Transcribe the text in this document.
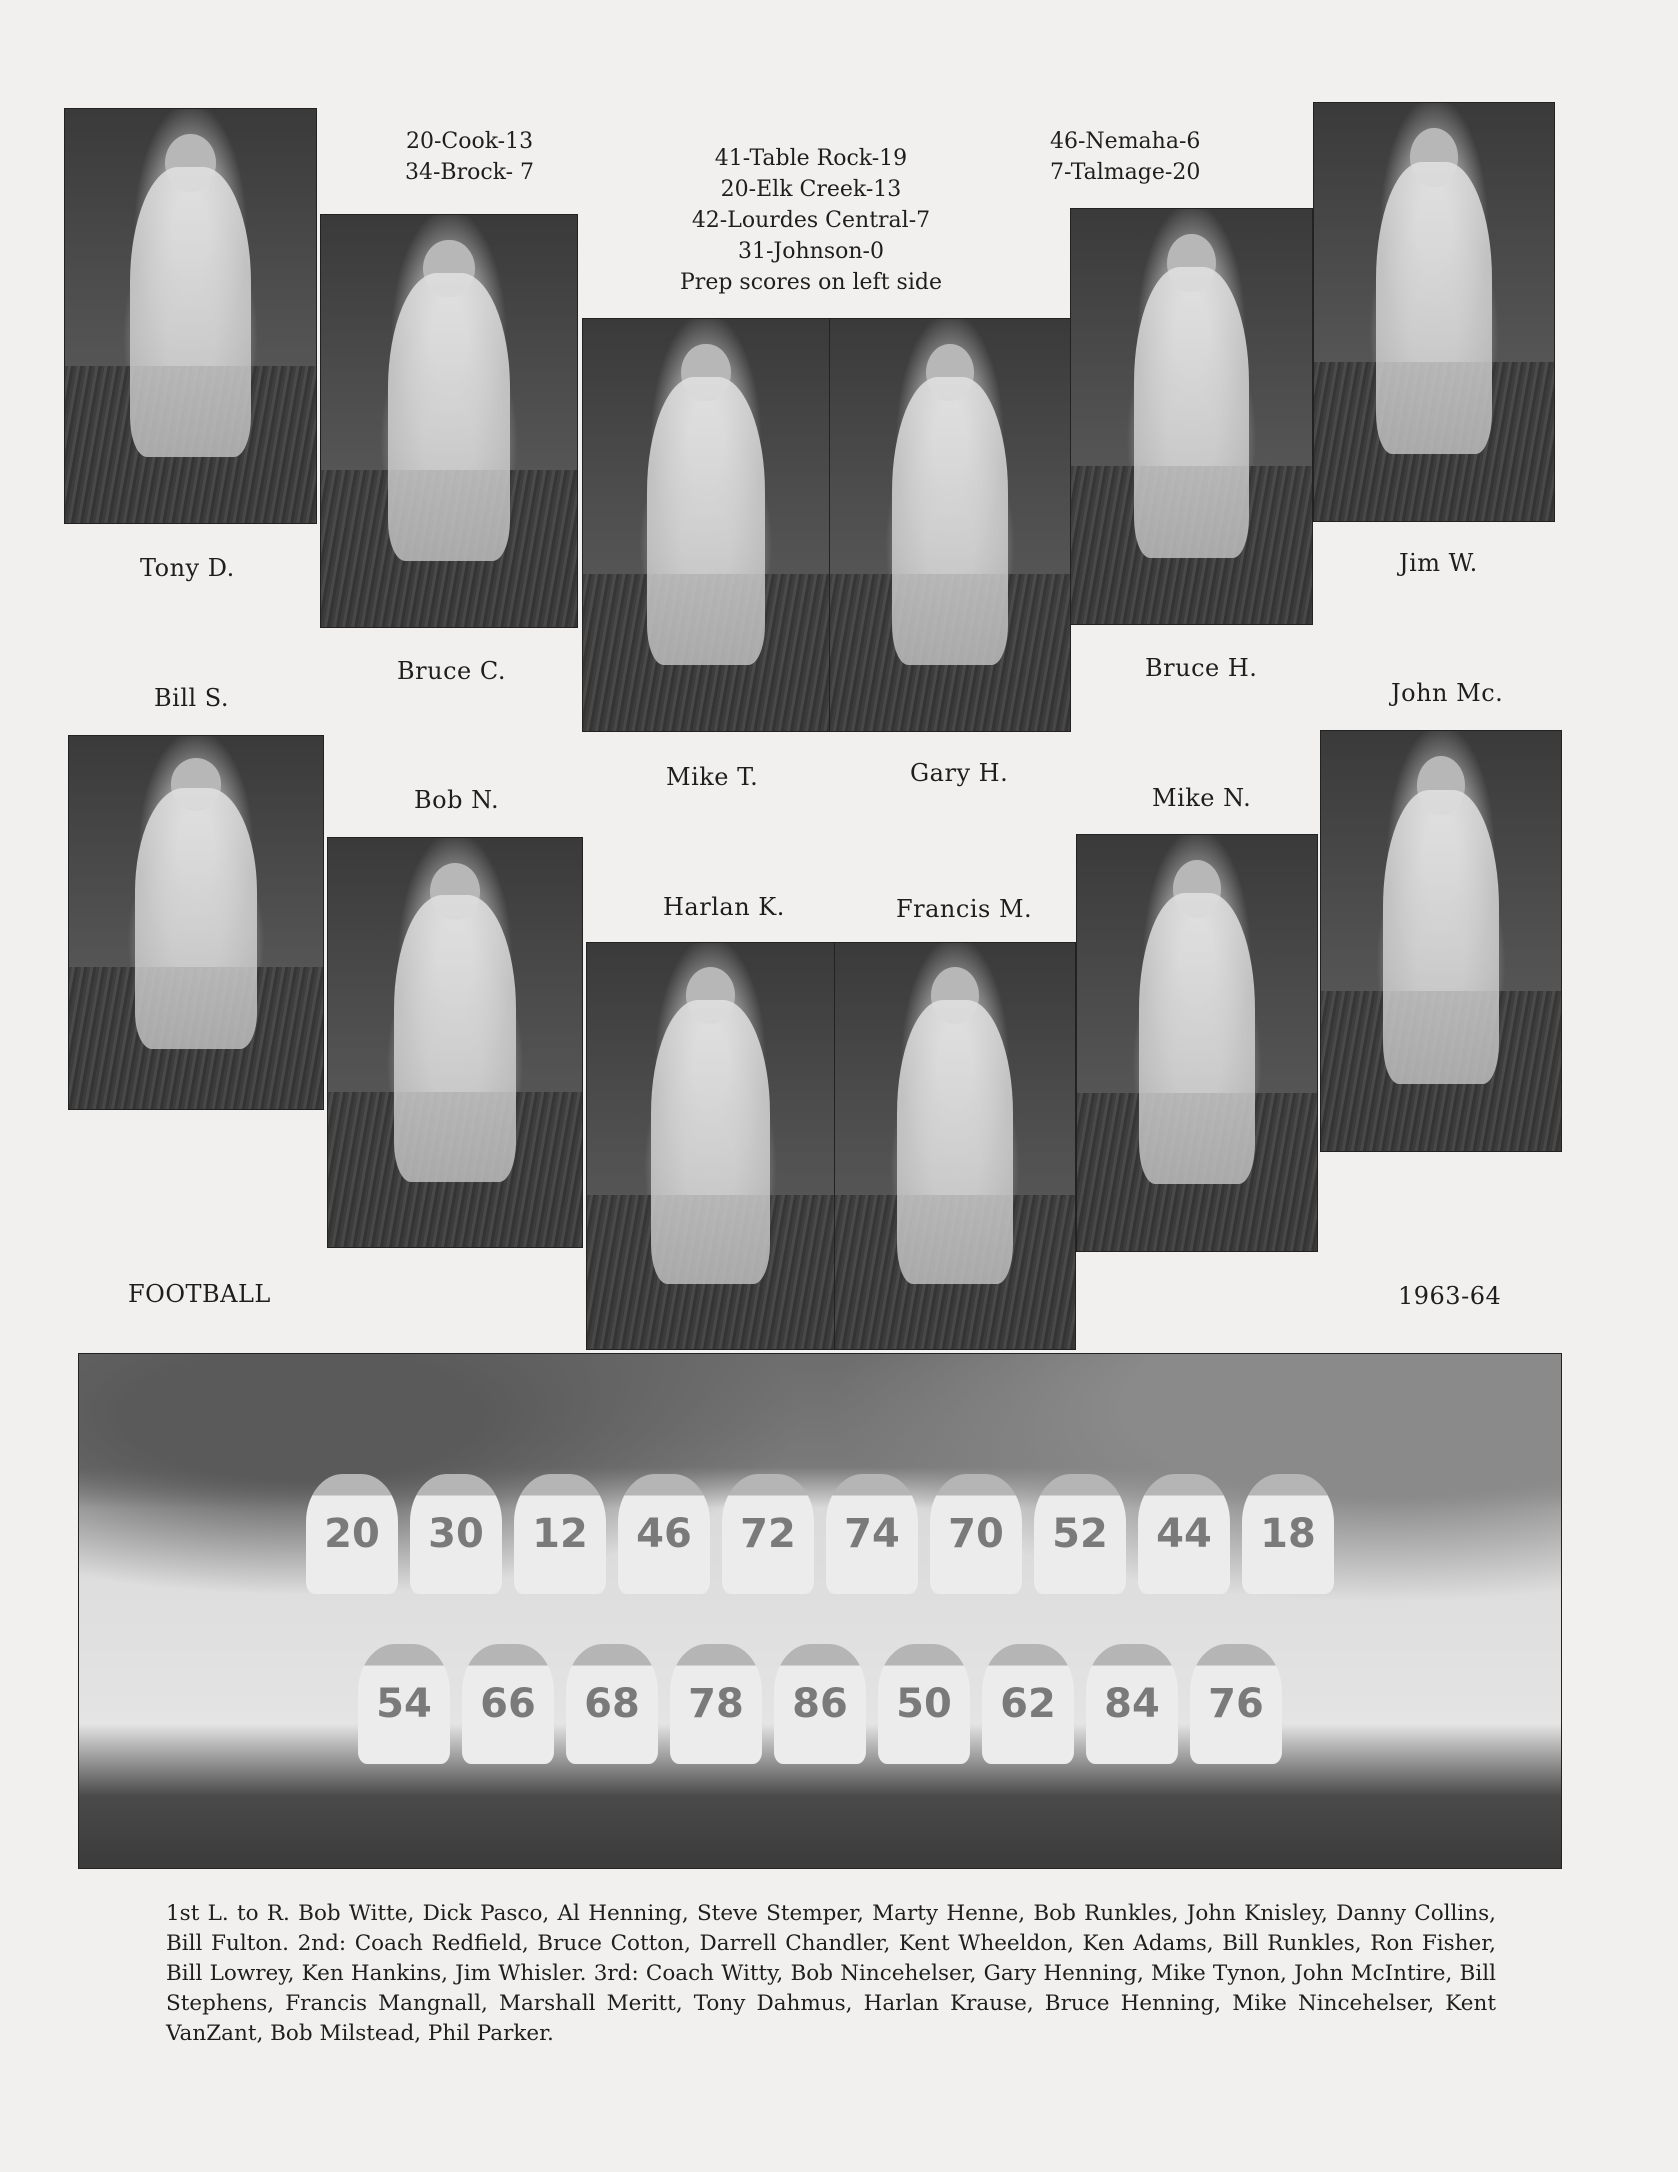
20-Cook-13
34-Brock- 7
41-Table Rock-19
20-Elk Creek-13
42-Lourdes Central-7
31-Johnson-0
Prep scores on left side
46-Nemaha-6
7-Talmage-20
Tony D.
Bruce C.	Bruce H.
Jim W.
Bill S.	John Mc.
Mike T.	Gary H.
Bob N.	Mike N.
Harlan K.	Francis M.
FOOTBALL	1963-64
20	30	12	46	72	74	70	52	44	18
54	66	68	78	86	50	62	84	76
1st L. to R. Bob Witte, Dick Pasco, Al Henning, Steve Stemper, Marty Henne, Bob Runkles, John Knisley, Danny Collins, Bill Fulton. 2nd: Coach Redfield, Bruce Cotton, Darrell Chandler, Kent Wheeldon, Ken Adams, Bill Runkles, Ron Fisher, Bill Lowrey, Ken Hankins, Jim Whisler. 3rd: Coach Witty, Bob Nincehelser, Gary Henning, Mike Tynon, John McIntire, Bill Stephens, Francis Mangnall, Marshall Meritt, Tony Dahmus, Harlan Krause, Bruce Henning, Mike Nincehelser, Kent VanZant, Bob Milstead, Phil Parker.
